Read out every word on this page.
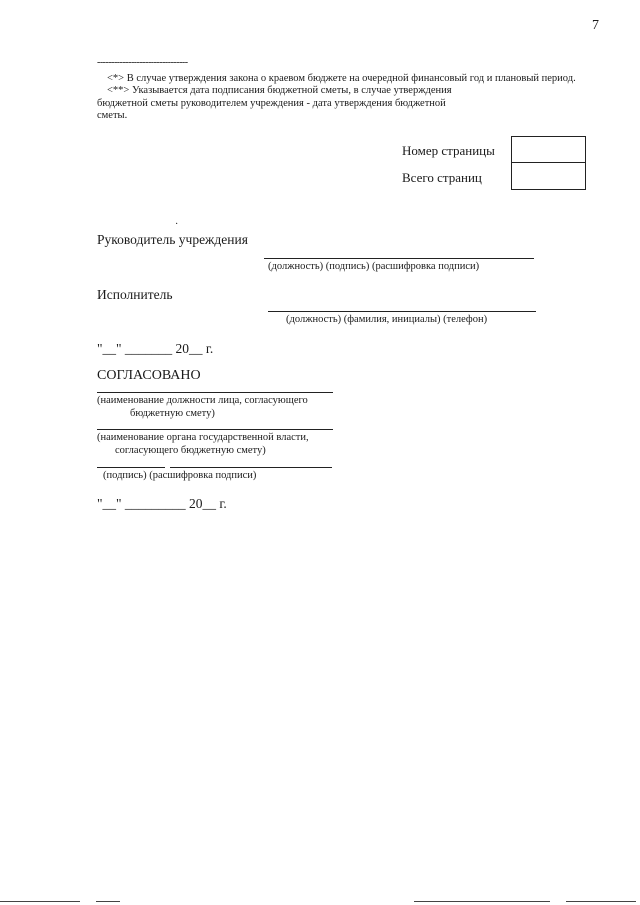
7
--------------------------------
<*> В случае утверждения закона о краевом бюджете на очередной финансовый год и плановый период.
<**> Указывается дата подписания бюджетной сметы, в случае утверждения
бюджетной сметы руководителем учреждения - дата утверждения бюджетной
сметы.
Номер страницы
Всего страниц
·
Руководитель учреждения
(должность) (подпись) (расшифровка подписи)
Исполнитель
(должность) (фамилия, инициалы) (телефон)
"__" _______ 20__ г.
СОГЛАСОВАНО
(наименование должности лица, согласующего
бюджетную смету)
(наименование органа государственной власти,
согласующего бюджетную смету)
(подпись) (расшифровка подписи)
"__" _________ 20__ г.
